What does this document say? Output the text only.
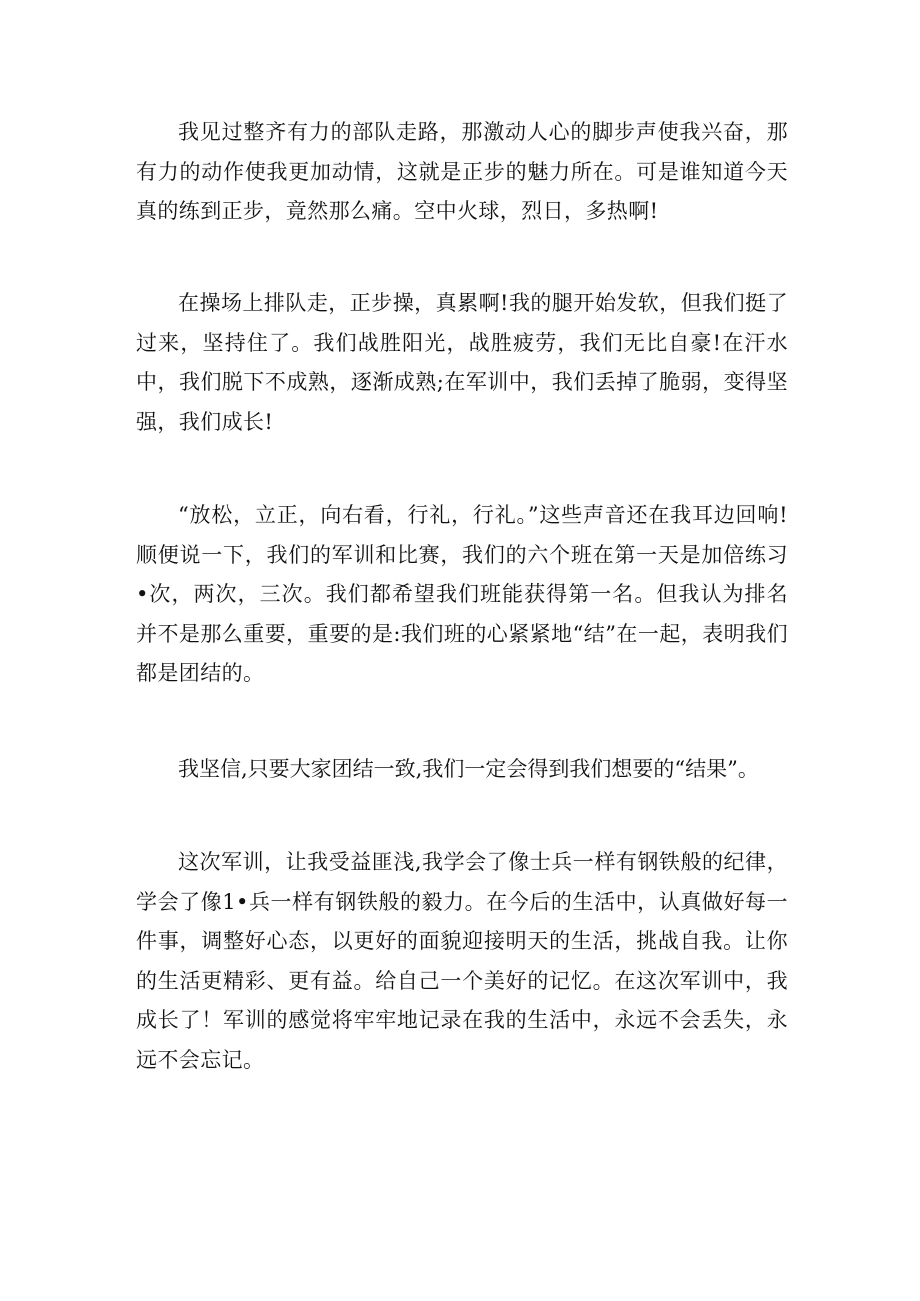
我见过整齐有力的部队走路，那激动人心的脚步声使我兴奋，那有力的动作使我更加动情，这就是正步的魅力所在。可是谁知道今天真的练到正步，竟然那么痛。空中火球，烈日，多热啊!

在操场上排队走，正步操，真累啊!我的腿开始发软，但我们挺了过来，坚持住了。我们战胜阳光，战胜疲劳，我们无比自豪!在汗水中，我们脱下不成熟，逐渐成熟;在军训中，我们丢掉了脆弱，变得坚强，我们成长!

“放松，立正，向右看，行礼，行礼。”这些声音还在我耳边回响!顺便说一下，我们的军训和比赛，我们的六个班在第一天是加倍练习•次，两次，三次。我们都希望我们班能获得第一名。但我认为排名并不是那么重要，重要的是:我们班的心紧紧地“结”在一起，表明我们都是团结的。

我坚信,只要大家团结一致,我们一定会得到我们想要的“结果”。

这次军训，让我受益匪浅,我学会了像士兵一样有钢铁般的纪律，学会了像1•兵一样有钢铁般的毅力。在今后的生活中，认真做好每一件事，调整好心态，以更好的面貌迎接明天的生活，挑战自我。让你的生活更精彩、更有益。给自己一个美好的记忆。在这次军训中，我成长了！军训的感觉将牢牢地记录在我的生活中，永远不会丢失，永远不会忘记。
